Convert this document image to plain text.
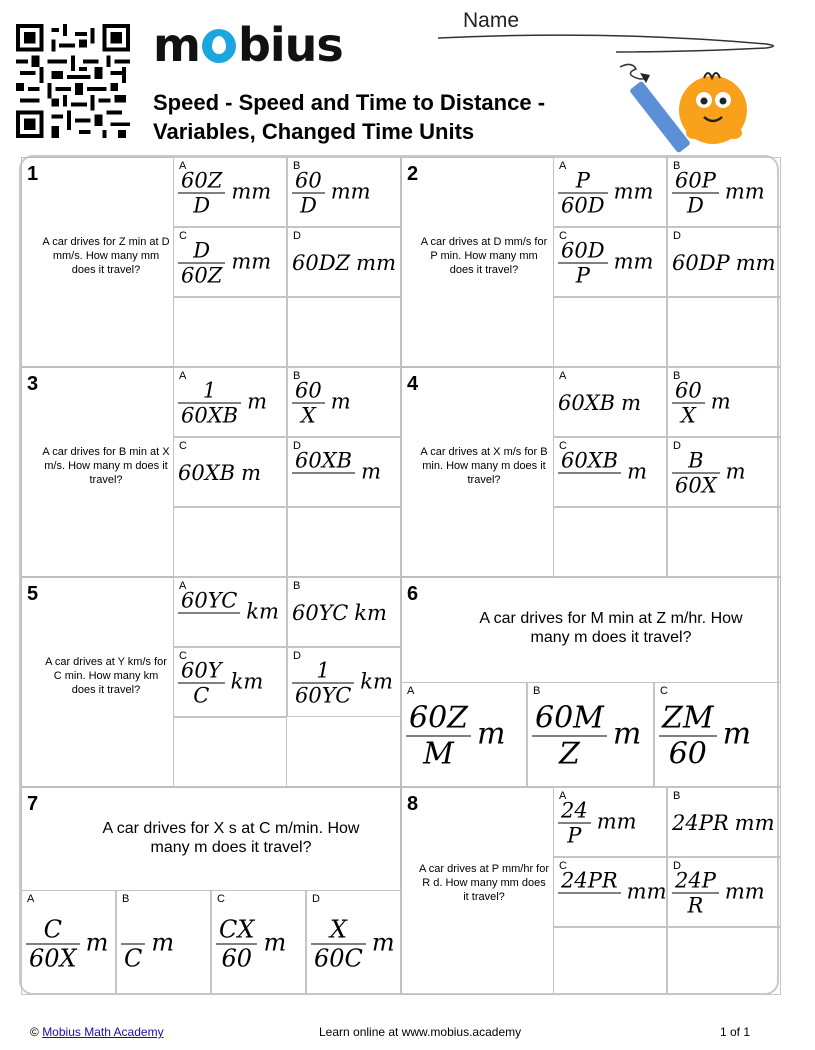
m bius
Speed - Speed and Time to Distance - Variables, Changed Time Units
Name
1
A car drives for Z min at D mm/s. How many mm does it travel?
A
$\frac{60Z}{D}$ mm
B
$\frac{60}{D}$ mm
C
$\frac{D}{60Z}$ mm
D
60DZ mm
2
A car drives at D mm/s for P min. How many mm does it travel?
A
$\frac{P}{60D}$ mm
B
$\frac{60P}{D}$ mm
C
$\frac{60D}{P}$ mm
D
60DP mm
3
A car drives for B min at X m/s. How many m does it travel?
A
$\frac{1}{60XB}$ m
B
$\frac{60}{X}$ m
C
60XB m
D
60XB
m
4
A car drives at X m/s for B min. How many m does it travel?
A
60XB m
B
$\frac{60}{X}$ m
C
60XB
m
D
$\frac{B}{60X}$ m
5
A car drives at Y km/s for C min. How many km does it travel?
A
60YC
km
B
60YC km
C
$\frac{60Y}{C}$ km
D
$\frac{1}{60YC}$ km
6
A car drives for M min at Z m/hr. How many m does it travel?
A
$\frac{60Z}{M}$ m
B
$\frac{60M}{Z}$ m
C
$\frac{ZM}{60}$ m
7
A car drives for X s at C m/min. How many m does it travel?
A
$\frac{C}{60X}$ m
B

C
m
C
$\frac{CX}{60}$ m
D
$\frac{X}{60C}$ m
8
A car drives at P mm/hr for R d. How many mm does it travel?
A
$\frac{24}{P}$ mm
B
24PR mm
C
24PR
mm
D
$\frac{24P}{R}$ mm
© Mobius Math Academy	Learn online at www.mobius.academy	1 of 1
